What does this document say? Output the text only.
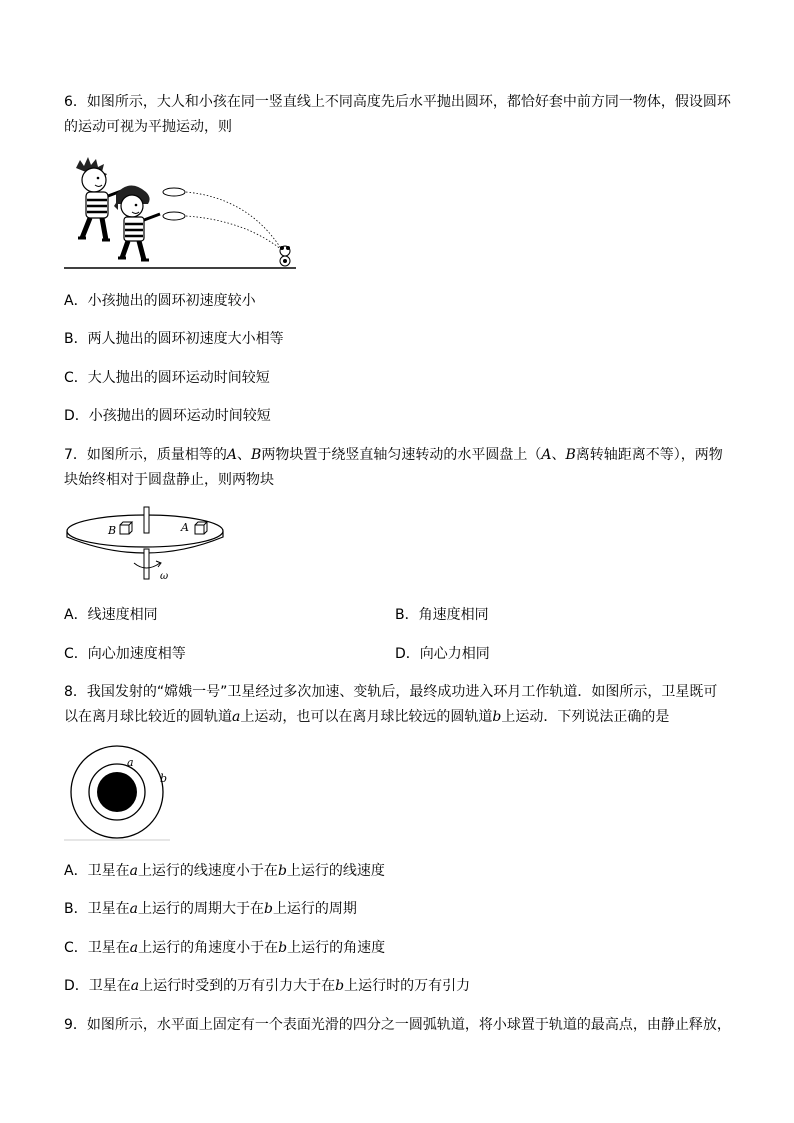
6．如图所示，大人和小孩在同一竖直线上不同高度先后水平抛出圆环，都恰好套中前方同一物体，假设圆环
的运动可视为平抛运动，则
A．小孩抛出的圆环初速度较小
B．两人抛出的圆环初速度大小相等
C．大人抛出的圆环运动时间较短
D．小孩抛出的圆环运动时间较短
7．如图所示，质量相等的A、B两物块置于绕竖直轴匀速转动的水平圆盘上（A、B离转轴距离不等），两物
块始终相对于圆盘静止，则两物块
B	A
ω
A．线速度相同	B．角速度相同
C．向心加速度相等	D．向心力相同
8．我国发射的“嫦娥一号”卫星经过多次加速、变轨后，最终成功进入环月工作轨道．如图所示，卫星既可
以在离月球比较近的圆轨道a上运动，也可以在离月球比较远的圆轨道b上运动．下列说法正确的是
a
b
A．卫星在a上运行的线速度小于在b上运行的线速度
B．卫星在a上运行的周期大于在b上运行的周期
C．卫星在a上运行的角速度小于在b上运行的角速度
D．卫星在a上运行时受到的万有引力大于在b上运行时的万有引力
9．如图所示，水平面上固定有一个表面光滑的四分之一圆弧轨道，将小球置于轨道的最高点，由静止释放，
